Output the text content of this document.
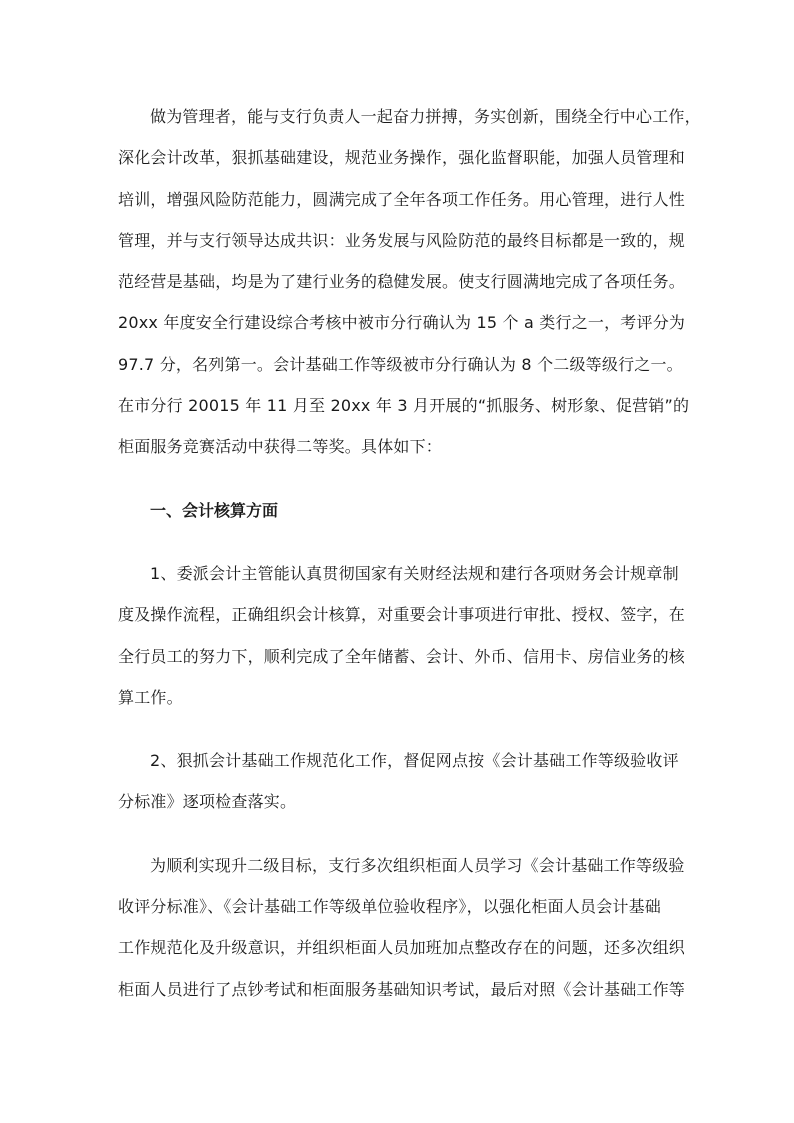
做为管理者，能与支行负责人一起奋力拼搏，务实创新，围绕全行中心工作，

深化会计改革，狠抓基础建设，规范业务操作，强化监督职能，加强人员管理和

培训，增强风险防范能力，圆满完成了全年各项工作任务。用心管理，进行人性

管理，并与支行领导达成共识：业务发展与风险防范的最终目标都是一致的，规

范经营是基础，均是为了建行业务的稳健发展。使支行圆满地完成了各项任务。

20xx 年度安全行建设综合考核中被市分行确认为 15 个 a 类行之一，考评分为

97.7 分，名列第一。会计基础工作等级被市分行确认为 8 个二级等级行之一。

在市分行 20015 年 11 月至 20xx 年 3 月开展的“抓服务、树形象、促营销”的

柜面服务竞赛活动中获得二等奖。具体如下：

一、会计核算方面

1、委派会计主管能认真贯彻国家有关财经法规和建行各项财务会计规章制

度及操作流程，正确组织会计核算，对重要会计事项进行审批、授权、签字，在

全行员工的努力下，顺利完成了全年储蓄、会计、外币、信用卡、房信业务的核

算工作。

2、狠抓会计基础工作规范化工作，督促网点按《会计基础工作等级验收评

分标准》逐项检查落实。

为顺利实现升二级目标，支行多次组织柜面人员学习《会计基础工作等级验

收评分标准》、《会计基础工作等级单位验收程序》，以强化柜面人员会计基础

工作规范化及升级意识，并组织柜面人员加班加点整改存在的问题，还多次组织

柜面人员进行了点钞考试和柜面服务基础知识考试，最后对照《会计基础工作等
